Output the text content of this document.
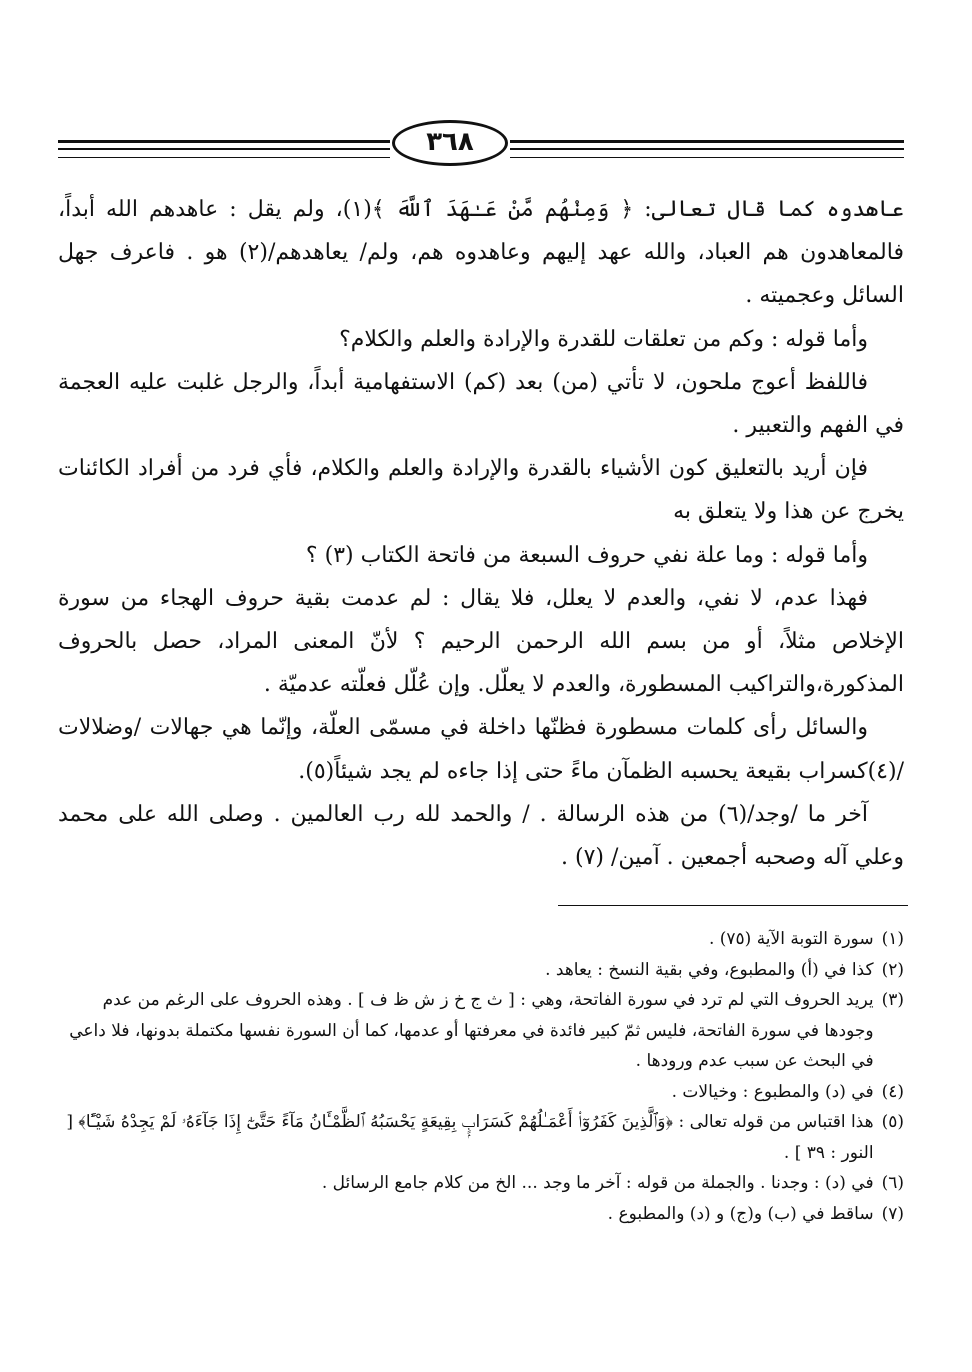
٣٦٨

عاهدوه كما قال تعالى: ﴿ وَمِنْهُم مَّنْ عَـٰهَدَ ٱللَّهَ ﴾(١)، ولم يقل : عاهدهم الله أبداً، فالمعاهدون هم العباد، والله عهد إليهم وعاهدوه هم، ولم/ يعاهدهم/(٢) هو . فاعرف جهل السائل وعجميته .

وأما قوله : وكم من تعلقات للقدرة والإرادة والعلم والكلام؟

فاللفظ أعوج ملحون، لا تأتي (من) بعد (كم) الاستفهامية أبداً، والرجل غلبت عليه العجمة في الفهم والتعبير .

فإن أريد بالتعليق كون الأشياء بالقدرة والإرادة والعلم والكلام، فأي فرد من أفراد الكائنات يخرج عن هذا ولا يتعلق به

وأما قوله : وما علة نفي حروف السبعة من فاتحة الكتاب (٣) ؟

فهذا عدم، لا نفي، والعدم لا يعلل، فلا يقال : لم عدمت بقية حروف الهجاء من سورة الإخلاص مثلاً، أو من بسم الله الرحمن الرحيم ؟ لأنّ المعنى المراد، حصل بالحروف المذكورة،والتراكيب المسطورة، والعدم لا يعلّل. وإن عُلّل فعلّته عدميّة .

والسائل رأى كلمات مسطورة فظنّها داخلة في مسمّى العلّة، وإنّما هي جهالات /وضلالات /(٤)كسراب بقيعة يحسبه الظمآن ماءً حتى إذا جاءه لم يجد شيئاً(٥).

آخر ما /وجد/(٦) من هذه الرسالة . / والحمد لله رب العالمين . وصلى الله على محمد وعلي آله وصحبه أجمعين . آمين/ (٧) .

(١)
سورة التوبة الآية (٧٥) .
(٢)
كذا في (أ) والمطبوع، وفي بقية النسخ : يعاهد .
(٣)
يريد الحروف التي لم ترد في سورة الفاتحة، وهي : [ ث ج خ ز ش ظ ف ] . وهذه الحروف على الرغم من عدم وجودها في سورة الفاتحة، فليس ثمّ كبير فائدة في معرفتها أو عدمها، كما أن السورة نفسها مكتملة بدونها، فلا داعي في البحث عن سبب عدم ورودها .
(٤)
في (د) والمطبوع : وخيالات .
(٥)
هذا اقتباس من قوله تعالى : ﴿وَٱلَّذِينَ كَفَرُوٓا۟ أَعْمَـٰلُهُمْ كَسَرَابٍۭ بِقِيعَةٍ يَحْسَبُهُ ٱلظَّمْـَٔانُ مَآءً حَتَّىٰٓ إِذَا جَآءَهُۥ لَمْ يَجِدْهُ شَيْـًٔا﴾ [ النور : ٣٩ ] .
(٦)
في (د) : وجدنا . والجملة من قوله : آخر ما وجد ... الخ من كلام جامع الرسائل .
(٧)
ساقط في (ب) و(ج) و (د) والمطبوع .
